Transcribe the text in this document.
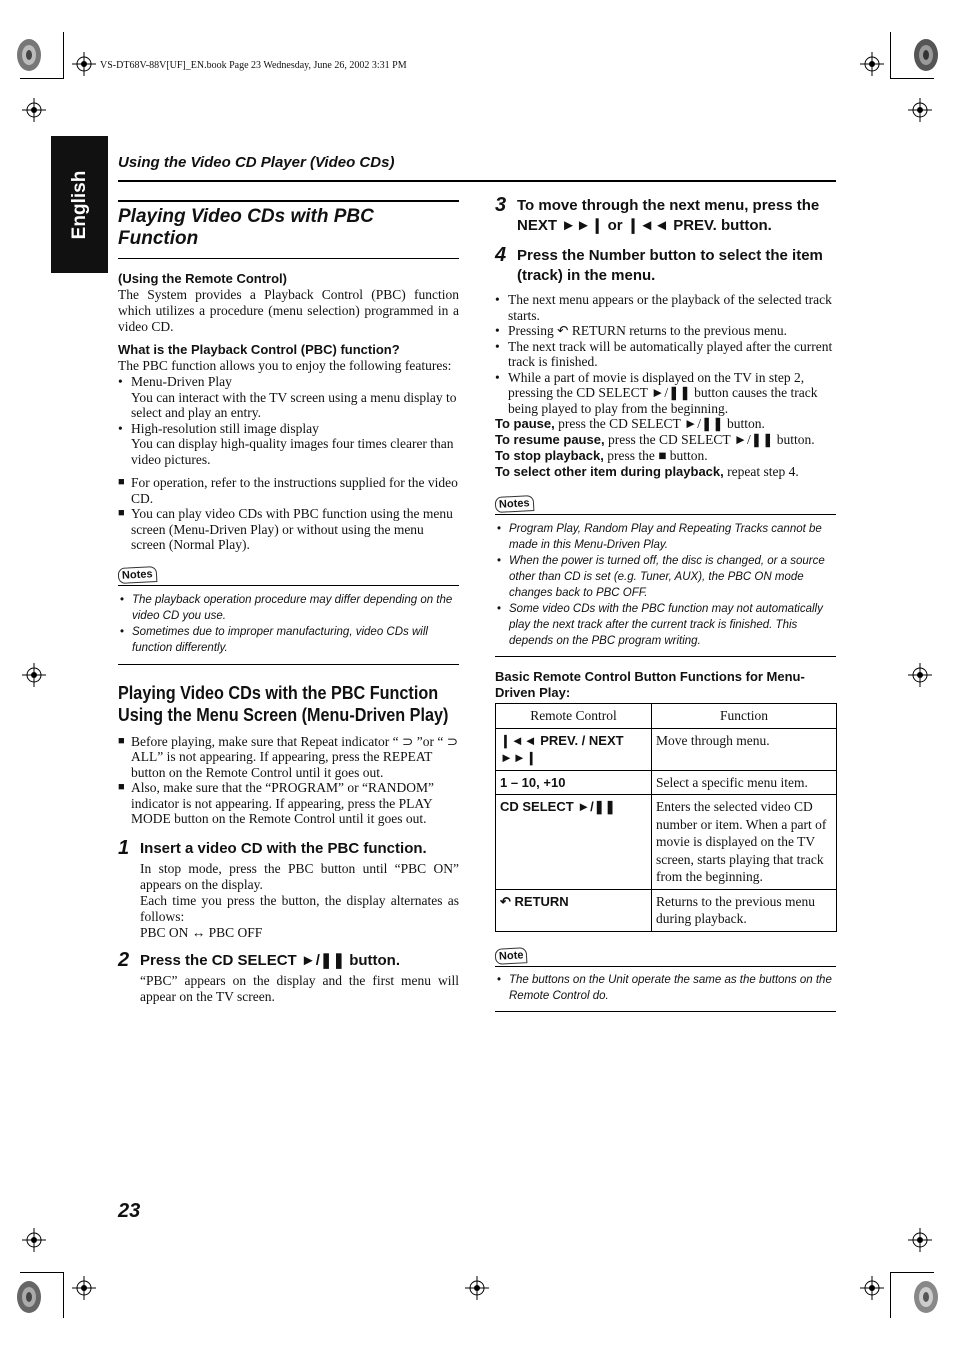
VS-DT68V-88V[UF]_EN.book Page 23 Wednesday, June 26, 2002 3:31 PM
English
Using the Video CD Player (Video CDs)
Playing Video CDs with PBC Function
(Using the Remote Control)

The System provides a Playback Control (PBC) function which utilizes a procedure (menu selection) programmed in a video CD.

What is the Playback Control (PBC) function?

The PBC function allows you to enjoy the following features:

• Menu-Driven Play
You can interact with the TV screen using a menu display to select and play an entry.
• High-resolution still image display
You can display high-quality images four times clearer than video pictures.
■ For operation, refer to the instructions supplied for the video CD.
■ You can play video CDs with PBC function using the menu screen (Menu-Driven Play) or without using the menu screen (Normal Play).
Notes
• The playback operation procedure may differ depending on the video CD you use.
• Sometimes due to improper manufacturing, video CDs will function differently.
Playing Video CDs with the PBC Function
Using the Menu Screen (Menu-Driven Play)
■ Before playing, make sure that Repeat indicator “ ⊃ ”or “ ⊃ ALL” is not appearing. If appearing, press the REPEAT button on the Remote Control until it goes out.
■ Also, make sure that the “PROGRAM” or “RANDOM” indicator is not appearing. If appearing, press the PLAY MODE button on the Remote Control until it goes out.
1 Insert a video CD with the PBC function.

In stop mode, press the PBC button until “PBC ON” appears on the display.

Each time you press the button, the display alternates as follows:

PBC ON ↔ PBC OFF

2 Press the CD SELECT ►/❚❚ button.

“PBC” appears on the display and the first menu will appear on the TV screen.

3 To move through the next menu, press the NEXT ►►❙ or ❙◄◄ PREV. button.
4 Press the Number button to select the item (track) in the menu.
• The next menu appears or the playback of the selected track starts.
• Pressing ↶ RETURN returns to the previous menu.
• The next track will be automatically played after the current track is finished.
• While a part of movie is displayed on the TV in step 2, pressing the CD SELECT ►/❚❚ button causes the track being played to play from the beginning.

To pause, press the CD SELECT ►/❚❚ button.

To resume pause, press the CD SELECT ►/❚❚ button.

To stop playback, press the ■ button.

To select other item during playback, repeat step 4.

Notes
• Program Play, Random Play and Repeating Tracks cannot be made in this Menu-Driven Play.
• When the power is turned off, the disc is changed, or a source other than CD is set (e.g. Tuner, AUX), the PBC ON mode changes back to PBC OFF.
• Some video CDs with the PBC function may not automatically play the next track after the current track is finished. This depends on the PBC program writing.
Basic Remote Control Button Functions for Menu-Driven Play:
Remote Control	Function
❙◄◄ PREV. / NEXT ►►❙	Move through menu.
1 – 10, +10	Select a specific menu item.
CD SELECT ►/❚❚	Enters the selected video CD number or item. When a part of movie is displayed on the TV screen, starts playing that track from the beginning.
↶ RETURN	Returns to the previous menu during playback.
Note
• The buttons on the Unit operate the same as the buttons on the Remote Control do.
23
